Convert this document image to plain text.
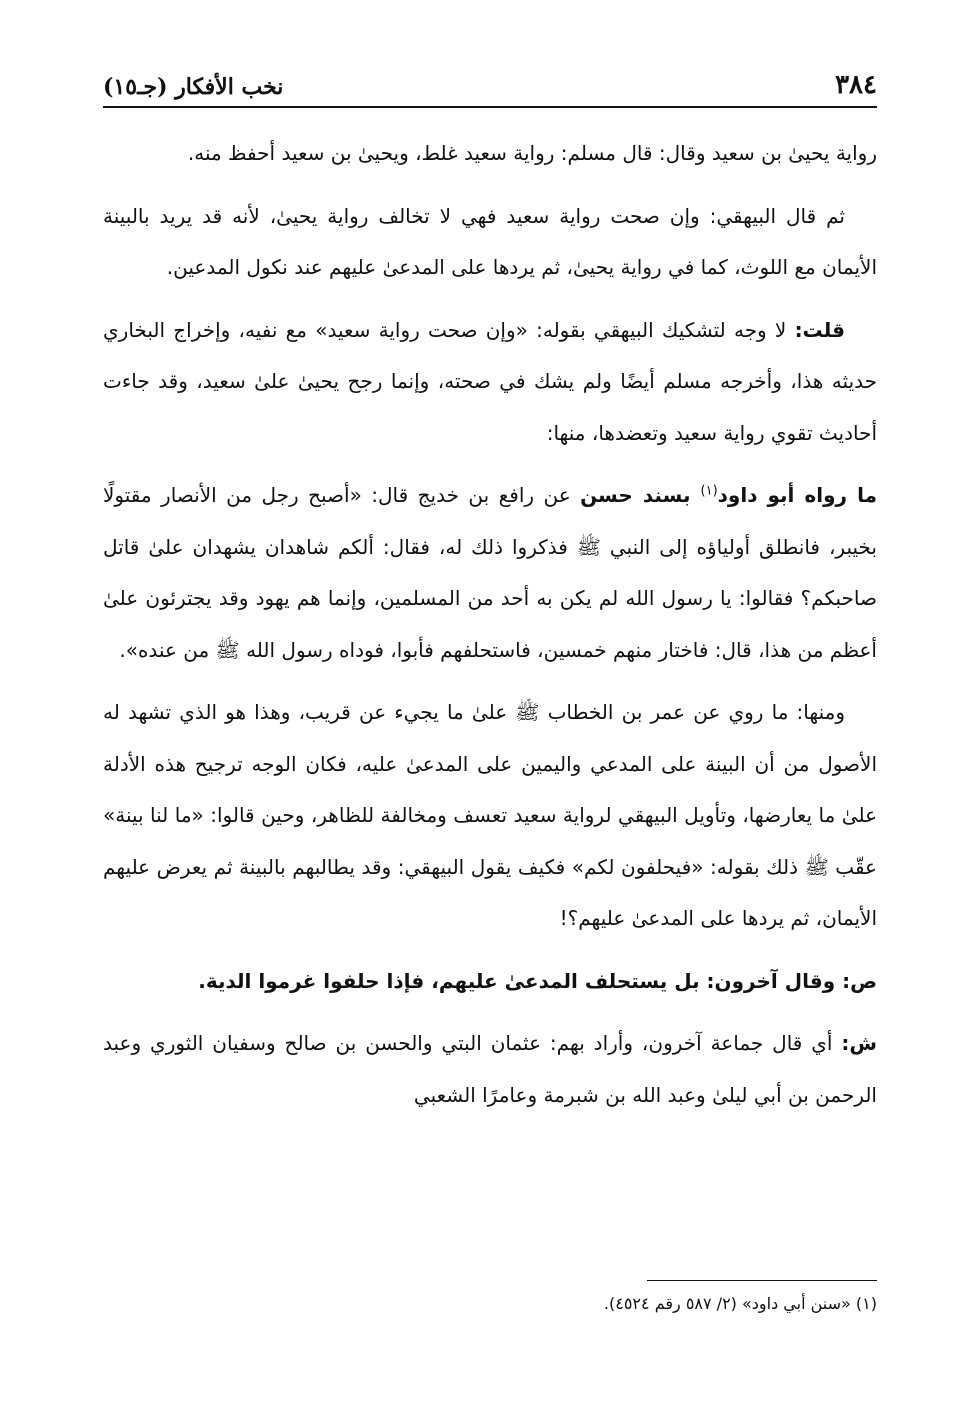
٣٨٤
نخب الأفكار (جـ١٥)

رواية يحيىٰ بن سعيد وقال: قال مسلم: رواية سعيد غلط، ويحيىٰ بن سعيد أحفظ منه.

ثم قال البيهقي: وإن صحت رواية سعيد فهي لا تخالف رواية يحيىٰ، لأنه قد يريد بالبينة الأيمان مع اللوث، كما في رواية يحيىٰ، ثم يردها على المدعىٰ عليهم عند نكول المدعين.

قلت: لا وجه لتشكيك البيهقي بقوله: «وإن صحت رواية سعيد» مع نفيه، وإخراج البخاري حديثه هذا، وأخرجه مسلم أيضًا ولم يشك في صحته، وإنما رجح يحيىٰ علىٰ سعيد، وقد جاءت أحاديث تقوي رواية سعيد وتعضدها، منها:

ما رواه أبو داود$^{(١)}$ بسند حسن عن رافع بن خديج قال: «أصبح رجل من الأنصار مقتولًا بخيبر، فانطلق أولياؤه إلى النبي ﷺ فذكروا ذلك له، فقال: ألكم شاهدان يشهدان علىٰ قاتل صاحبكم؟ فقالوا: يا رسول الله لم يكن به أحد من المسلمين، وإنما هم يهود وقد يجترئون علىٰ أعظم من هذا، قال: فاختار منهم خمسين، فاستحلفهم فأبوا، فوداه رسول الله ﷺ من عنده».

ومنها: ما روي عن عمر بن الخطاب ﷺ علىٰ ما يجيء عن قريب، وهذا هو الذي تشهد له الأصول من أن البينة على المدعي واليمين على المدعىٰ عليه، فكان الوجه ترجيح هذه الأدلة علىٰ ما يعارضها، وتأويل البيهقي لرواية سعيد تعسف ومخالفة للظاهر، وحين قالوا: «ما لنا بينة» عقّب ﷺ ذلك بقوله: «فيحلفون لكم» فكيف يقول البيهقي: وقد يطالبهم بالبينة ثم يعرض عليهم الأيمان، ثم يردها على المدعىٰ عليهم؟!

ص: وقال آخرون: بل يستحلف المدعىٰ عليهم، فإذا حلفوا غرموا الدية.

ش: أي قال جماعة آخرون، وأراد بهم: عثمان البتي والحسن بن صالح وسفيان الثوري وعبد الرحمن بن أبي ليلىٰ وعبد الله بن شبرمة وعامرًا الشعبي

(١) «سنن أبي داود» (٢/ ٥٨٧ رقم ٤٥٢٤).
